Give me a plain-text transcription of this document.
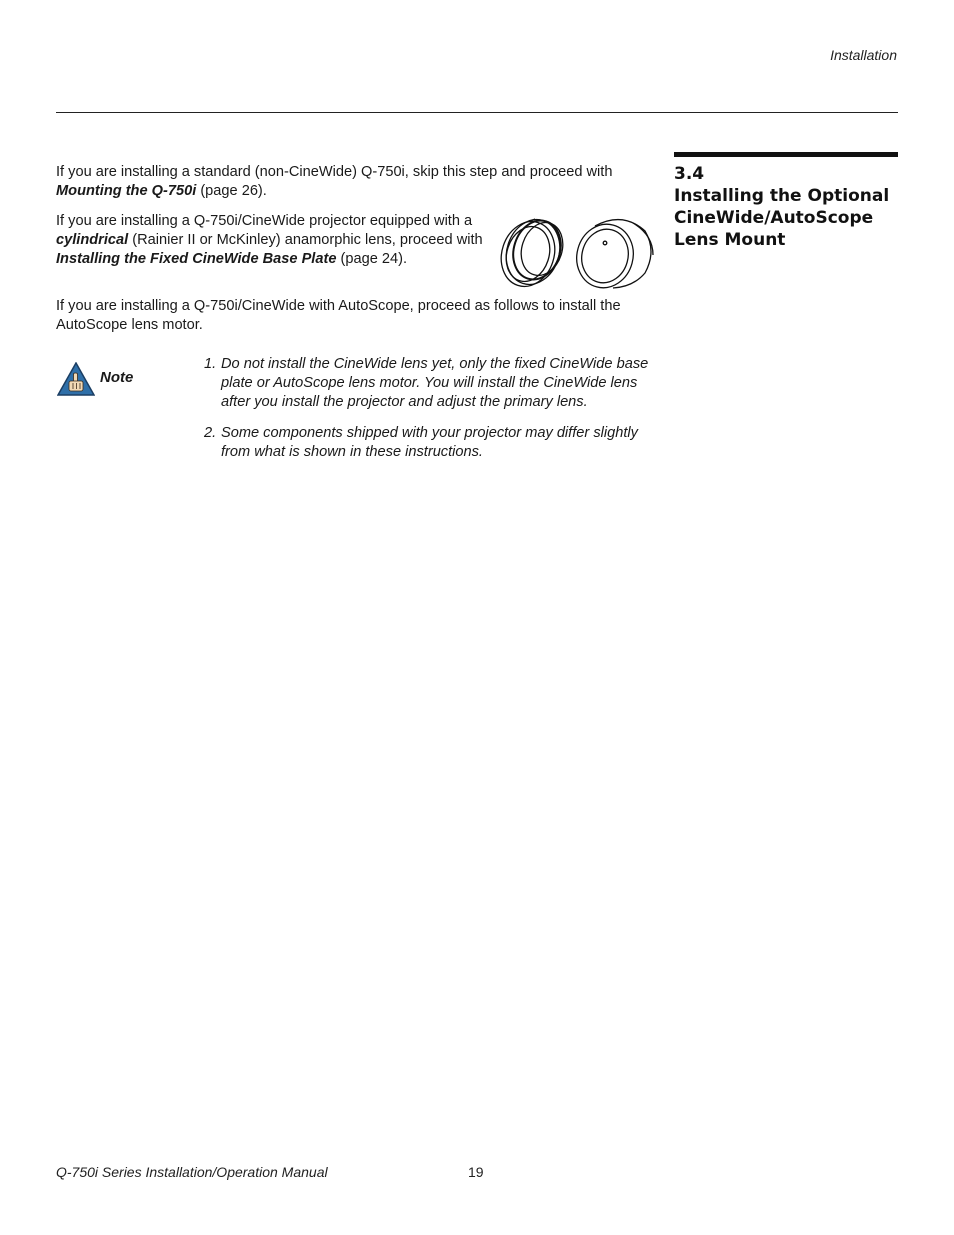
Installation
3.4
Installing the Optional CineWide/AutoScope Lens Mount

If you are installing a standard (non-CineWide) Q-750i, skip this step and proceed with Mounting the Q-750i (page 26).

If you are installing a Q-750i/CineWide projector equipped with a cylindrical (Rainier II or McKinley) anamorphic lens, proceed with Installing the Fixed CineWide Base Plate (page 24).

If you are installing a Q-750i/CineWide with AutoScope, proceed as follows to install the AutoScope lens motor.

Note
1. Do not install the CineWide lens yet, only the fixed CineWide base plate or AutoScope lens motor. You will install the CineWide lens after you install the projector and adjust the primary lens.
2. Some components shipped with your projector may differ slightly from what is shown in these instructions.
Q-750i Series Installation/Operation Manual	19
